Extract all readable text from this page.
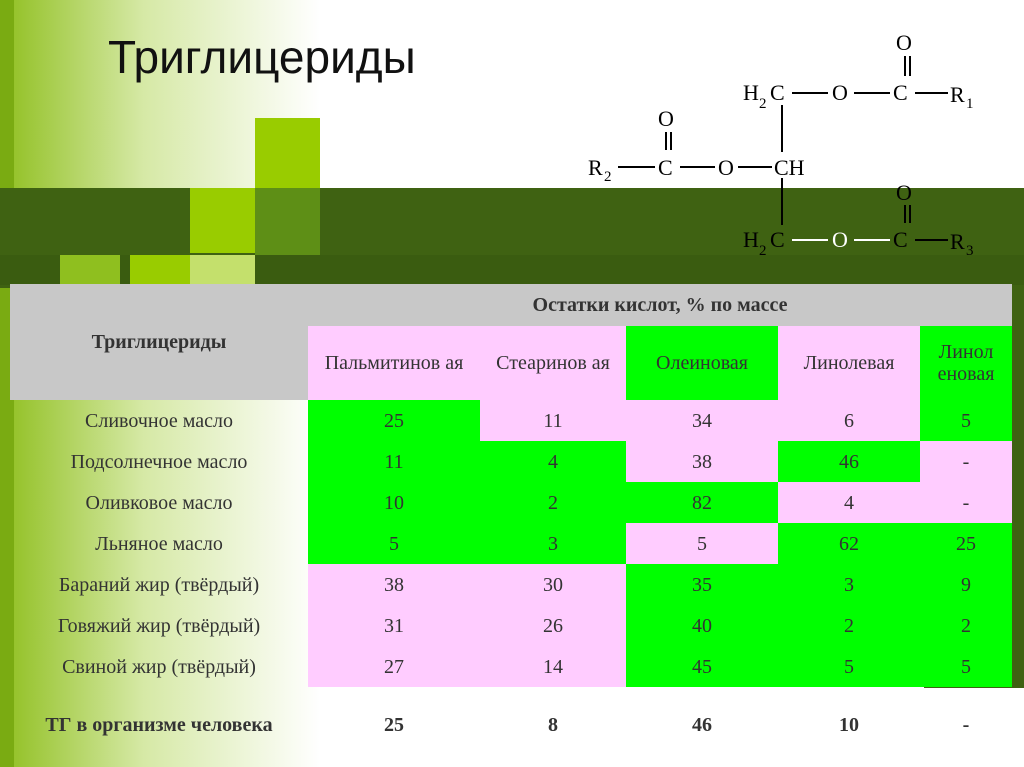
Триглицериды
H 2 C O C
O
R 1
R 2 C
O
O CH
H 2 C O C
O
R 3
Триглицериды	Остатки кислот, % по массе				
	Пальмитинов ая	Стеаринов ая	Олеиновая	Линолевая	Линол еновая
Сливочное масло	25	11	34	6	5
Подсолнечное масло	11	4	38	46	-
Оливковое масло	10	2	82	4	-
Льняное масло	5	3	5	62	25
Бараний жир (твёрдый)	38	30	35	3	9
Говяжий жир (твёрдый)	31	26	40	2	2
Свиной жир (твёрдый)	27	14	45	5	5
ТГ в организме человека	25	8	46	10	-
